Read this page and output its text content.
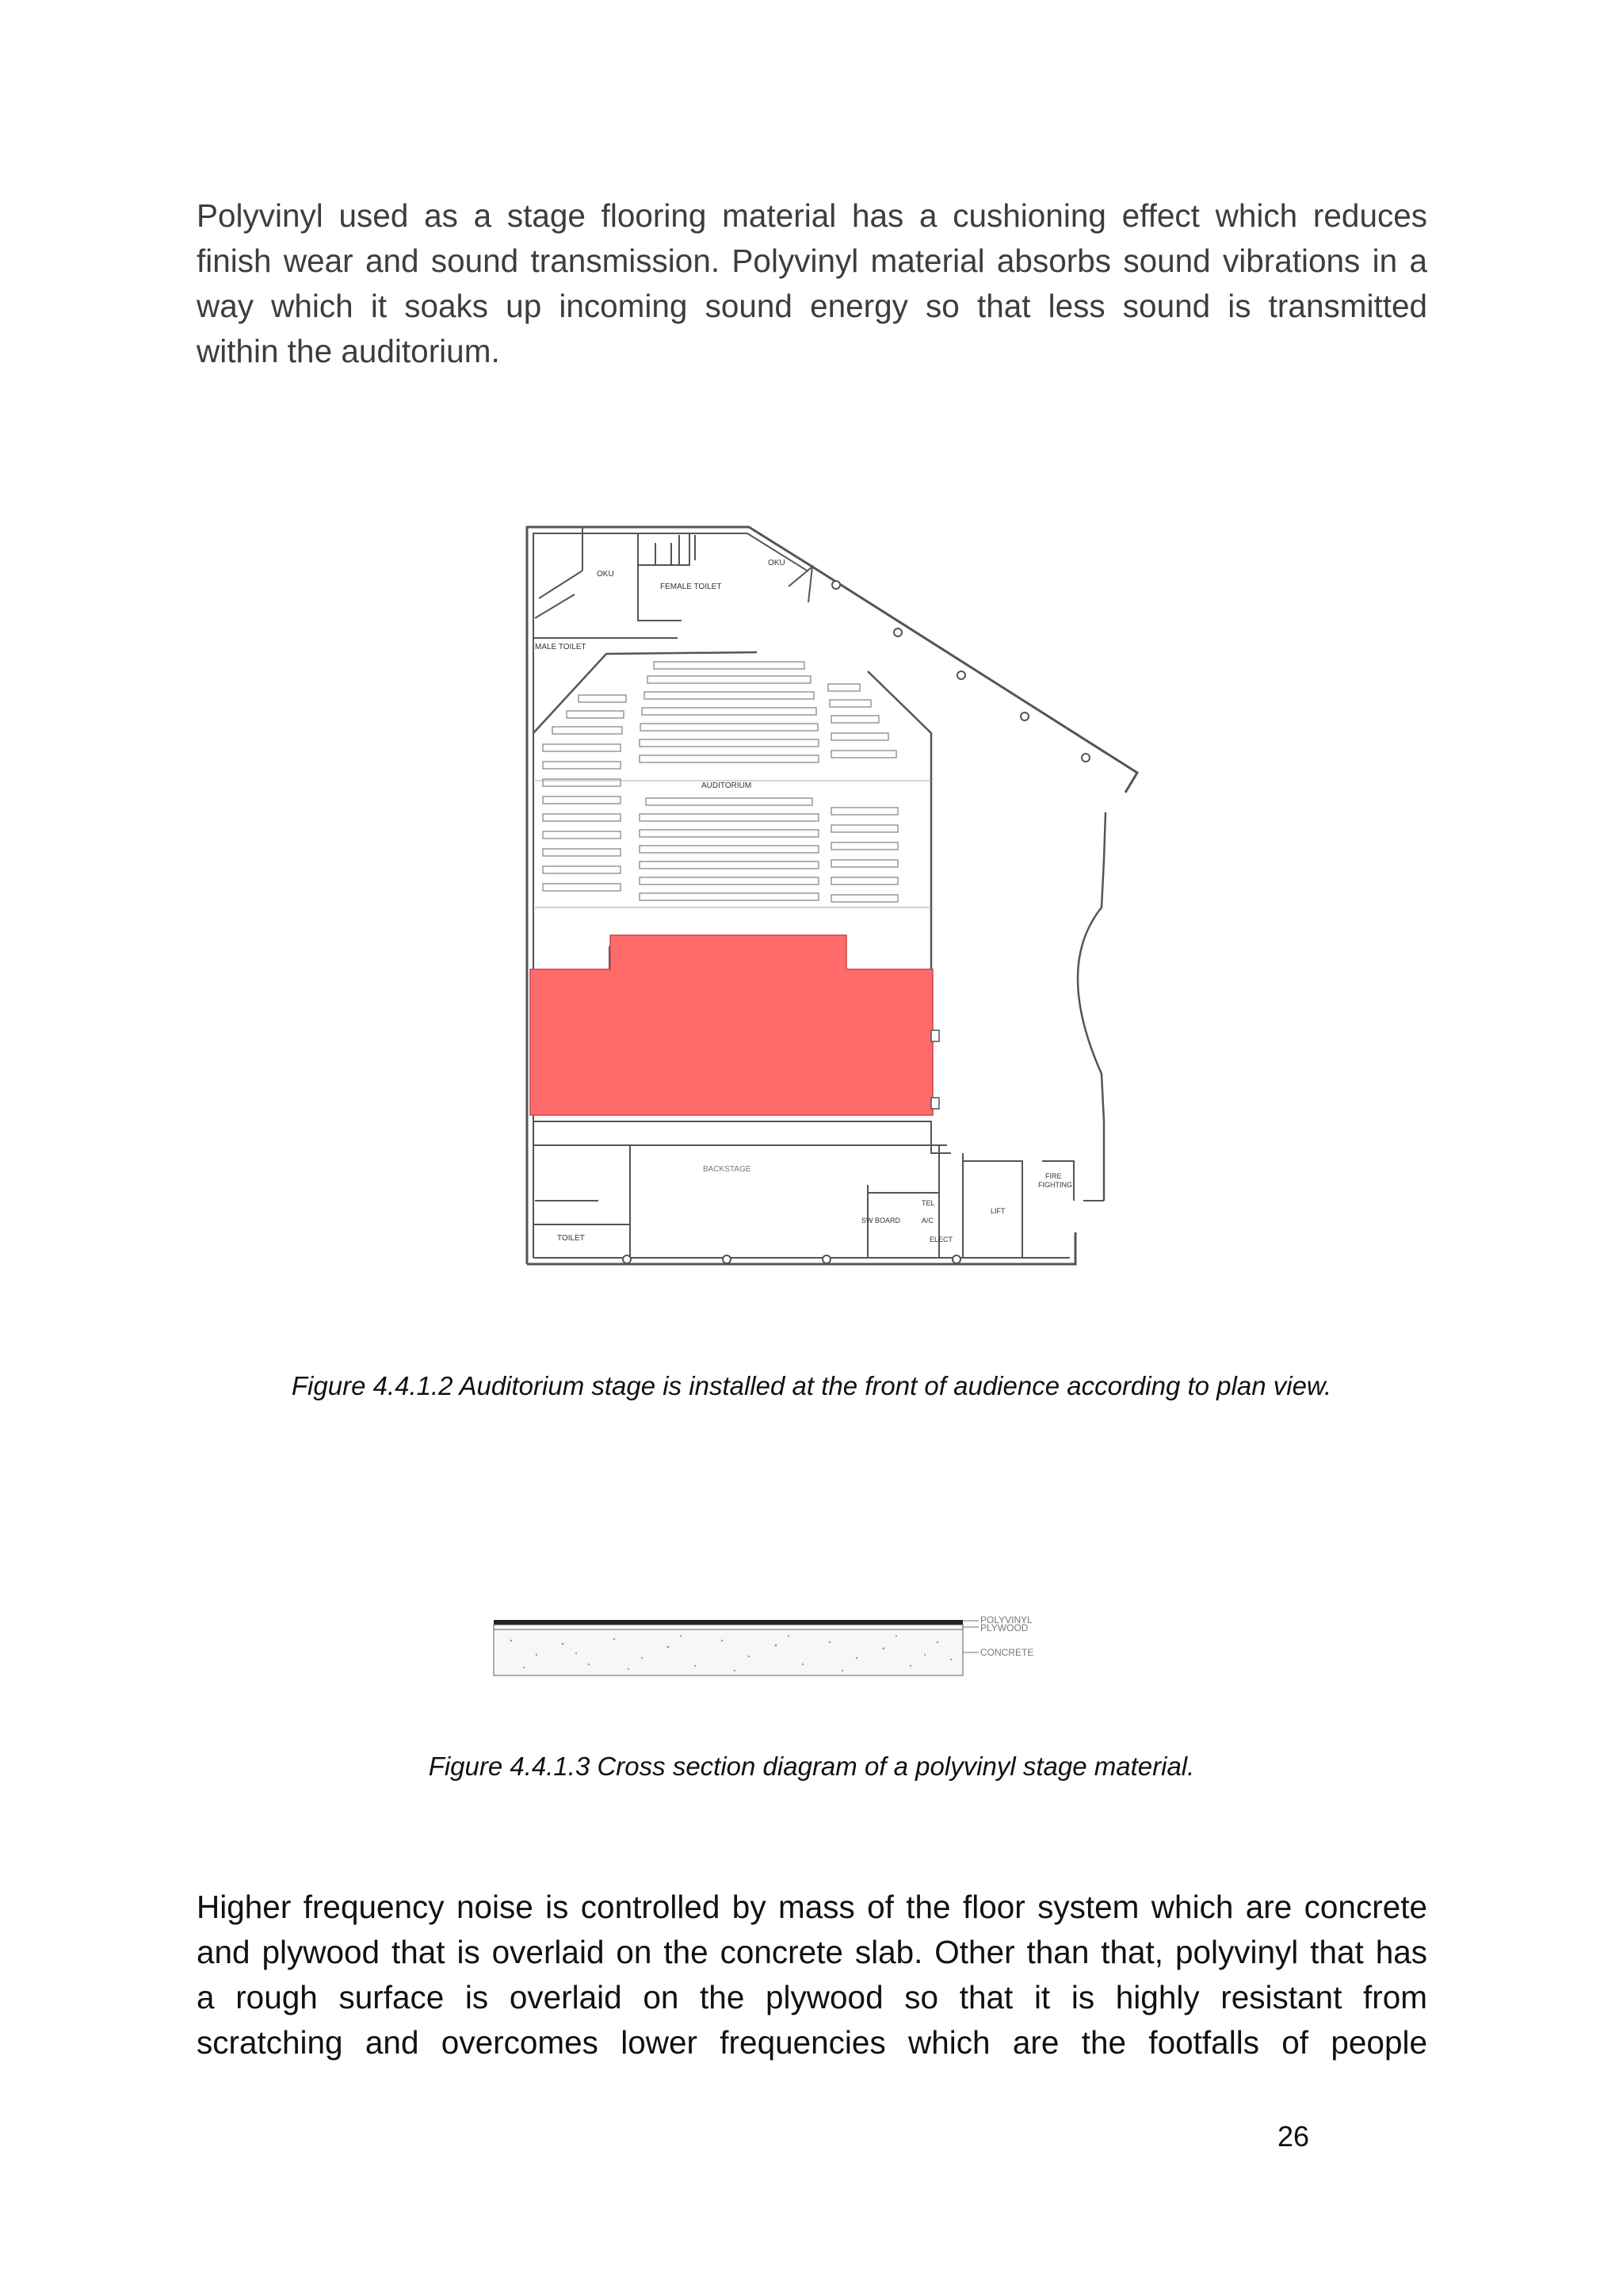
Polyvinyl used as a stage flooring material has a cushioning effect which reduces
finish wear and sound transmission. Polyvinyl material absorbs sound vibrations in a
way which it soaks up incoming sound energy so that less sound is transmitted
within the auditorium.

OKU
OKU
FEMALE TOILET
MALE TOILET
AUDITORIUM
BACKSTAGE
TOILET
SW BOARD
TEL
A/C
ELECT
LIFT
FIRE
FIGHTING

Figure 4.4.1.2 Auditorium stage is installed at the front of audience according to plan view.

POLYVINYL
PLYWOOD
CONCRETE

Figure 4.4.1.3 Cross section diagram of a polyvinyl stage material.

Higher frequency noise is controlled by mass of the floor system which are concrete
and plywood that is overlaid on the concrete slab. Other than that, polyvinyl that has
a rough surface is overlaid on the plywood so that it is highly resistant from
scratching and overcomes lower frequencies which are the footfalls of people

26
